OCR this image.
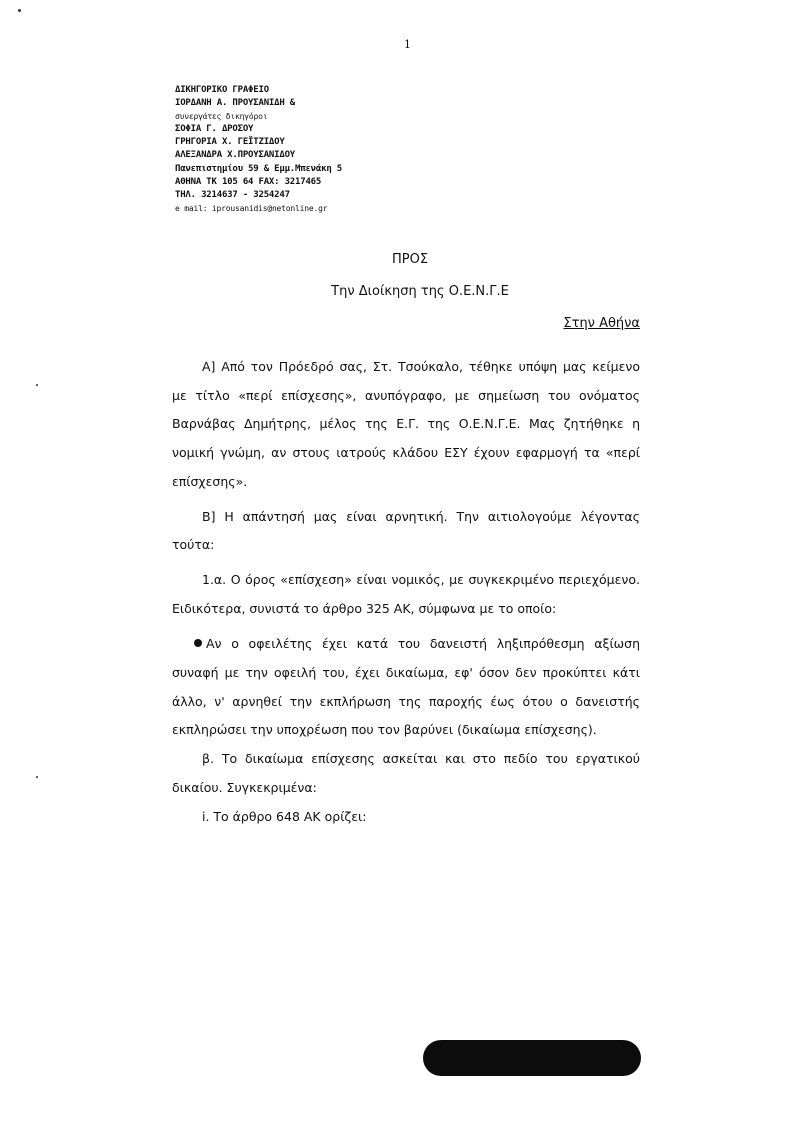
1
ΔΙΚΗΓΟΡΙΚΟ ΓΡΑΦΕΙΟ
ΙΟΡΔΑΝΗ Α. ΠΡΟΥΣΑΝΙΔΗ &
συνεργάτες δικηγόροι
ΣΟΦΙΑ Γ. ΔΡΟΣΟΥ
ΓΡΗΓΟΡΙΑ Χ. ΓΕΪΤΖΙΔΟΥ
ΑΛΕΞΑΝΔΡΑ Χ.ΠΡΟΥΣΑΝΙΔΟΥ
Πανεπιστημίου 59 & Εμμ.Μπενάκη 5
ΑΘΗΝΑ ΤΚ 105 64 FAX: 3217465
ΤΗΛ. 3214637 - 3254247
e mail: iprousanidis@netonline.gr
ΠΡΟΣ
Την Διοίκηση της Ο.Ε.Ν.Γ.Ε
Στην Αθήνα

Α] Από τον Πρόεδρό σας, Στ. Τσούκαλο, τέθηκε υπόψη μας κείμενο με τίτλο «περί επίσχεσης», ανυπόγραφο, με σημείωση του ονόματος Βαρνάβας Δημήτρης, μέλος της Ε.Γ. της Ο.Ε.Ν.Γ.Ε. Μας ζητήθηκε η νομική γνώμη, αν στους ιατρούς κλάδου ΕΣΥ έχουν εφαρμογή τα «περί επίσχεσης».

Β] Η απάντησή μας είναι αρνητική. Την αιτιολογούμε λέγοντας τούτα:

1.α. Ο όρος «επίσχεση» είναι νομικός, με συγκεκριμένο περιεχόμενο. Ειδικότερα, συνιστά το άρθρο 325 ΑΚ, σύμφωνα με το οποίο:

Αν ο οφειλέτης έχει κατά του δανειστή ληξιπρόθεσμη αξίωση συναφή με την οφειλή του, έχει δικαίωμα, εφ' όσον δεν προκύπτει κάτι άλλο, ν' αρνηθεί την εκπλήρωση της παροχής έως ότου ο δανειστής εκπληρώσει την υποχρέωση που τον βαρύνει (δικαίωμα επίσχεσης).

β. Το δικαίωμα επίσχεσης ασκείται και στο πεδίο του εργατικού δικαίου. Συγκεκριμένα:

i. Το άρθρο 648 ΑΚ ορίζει:
